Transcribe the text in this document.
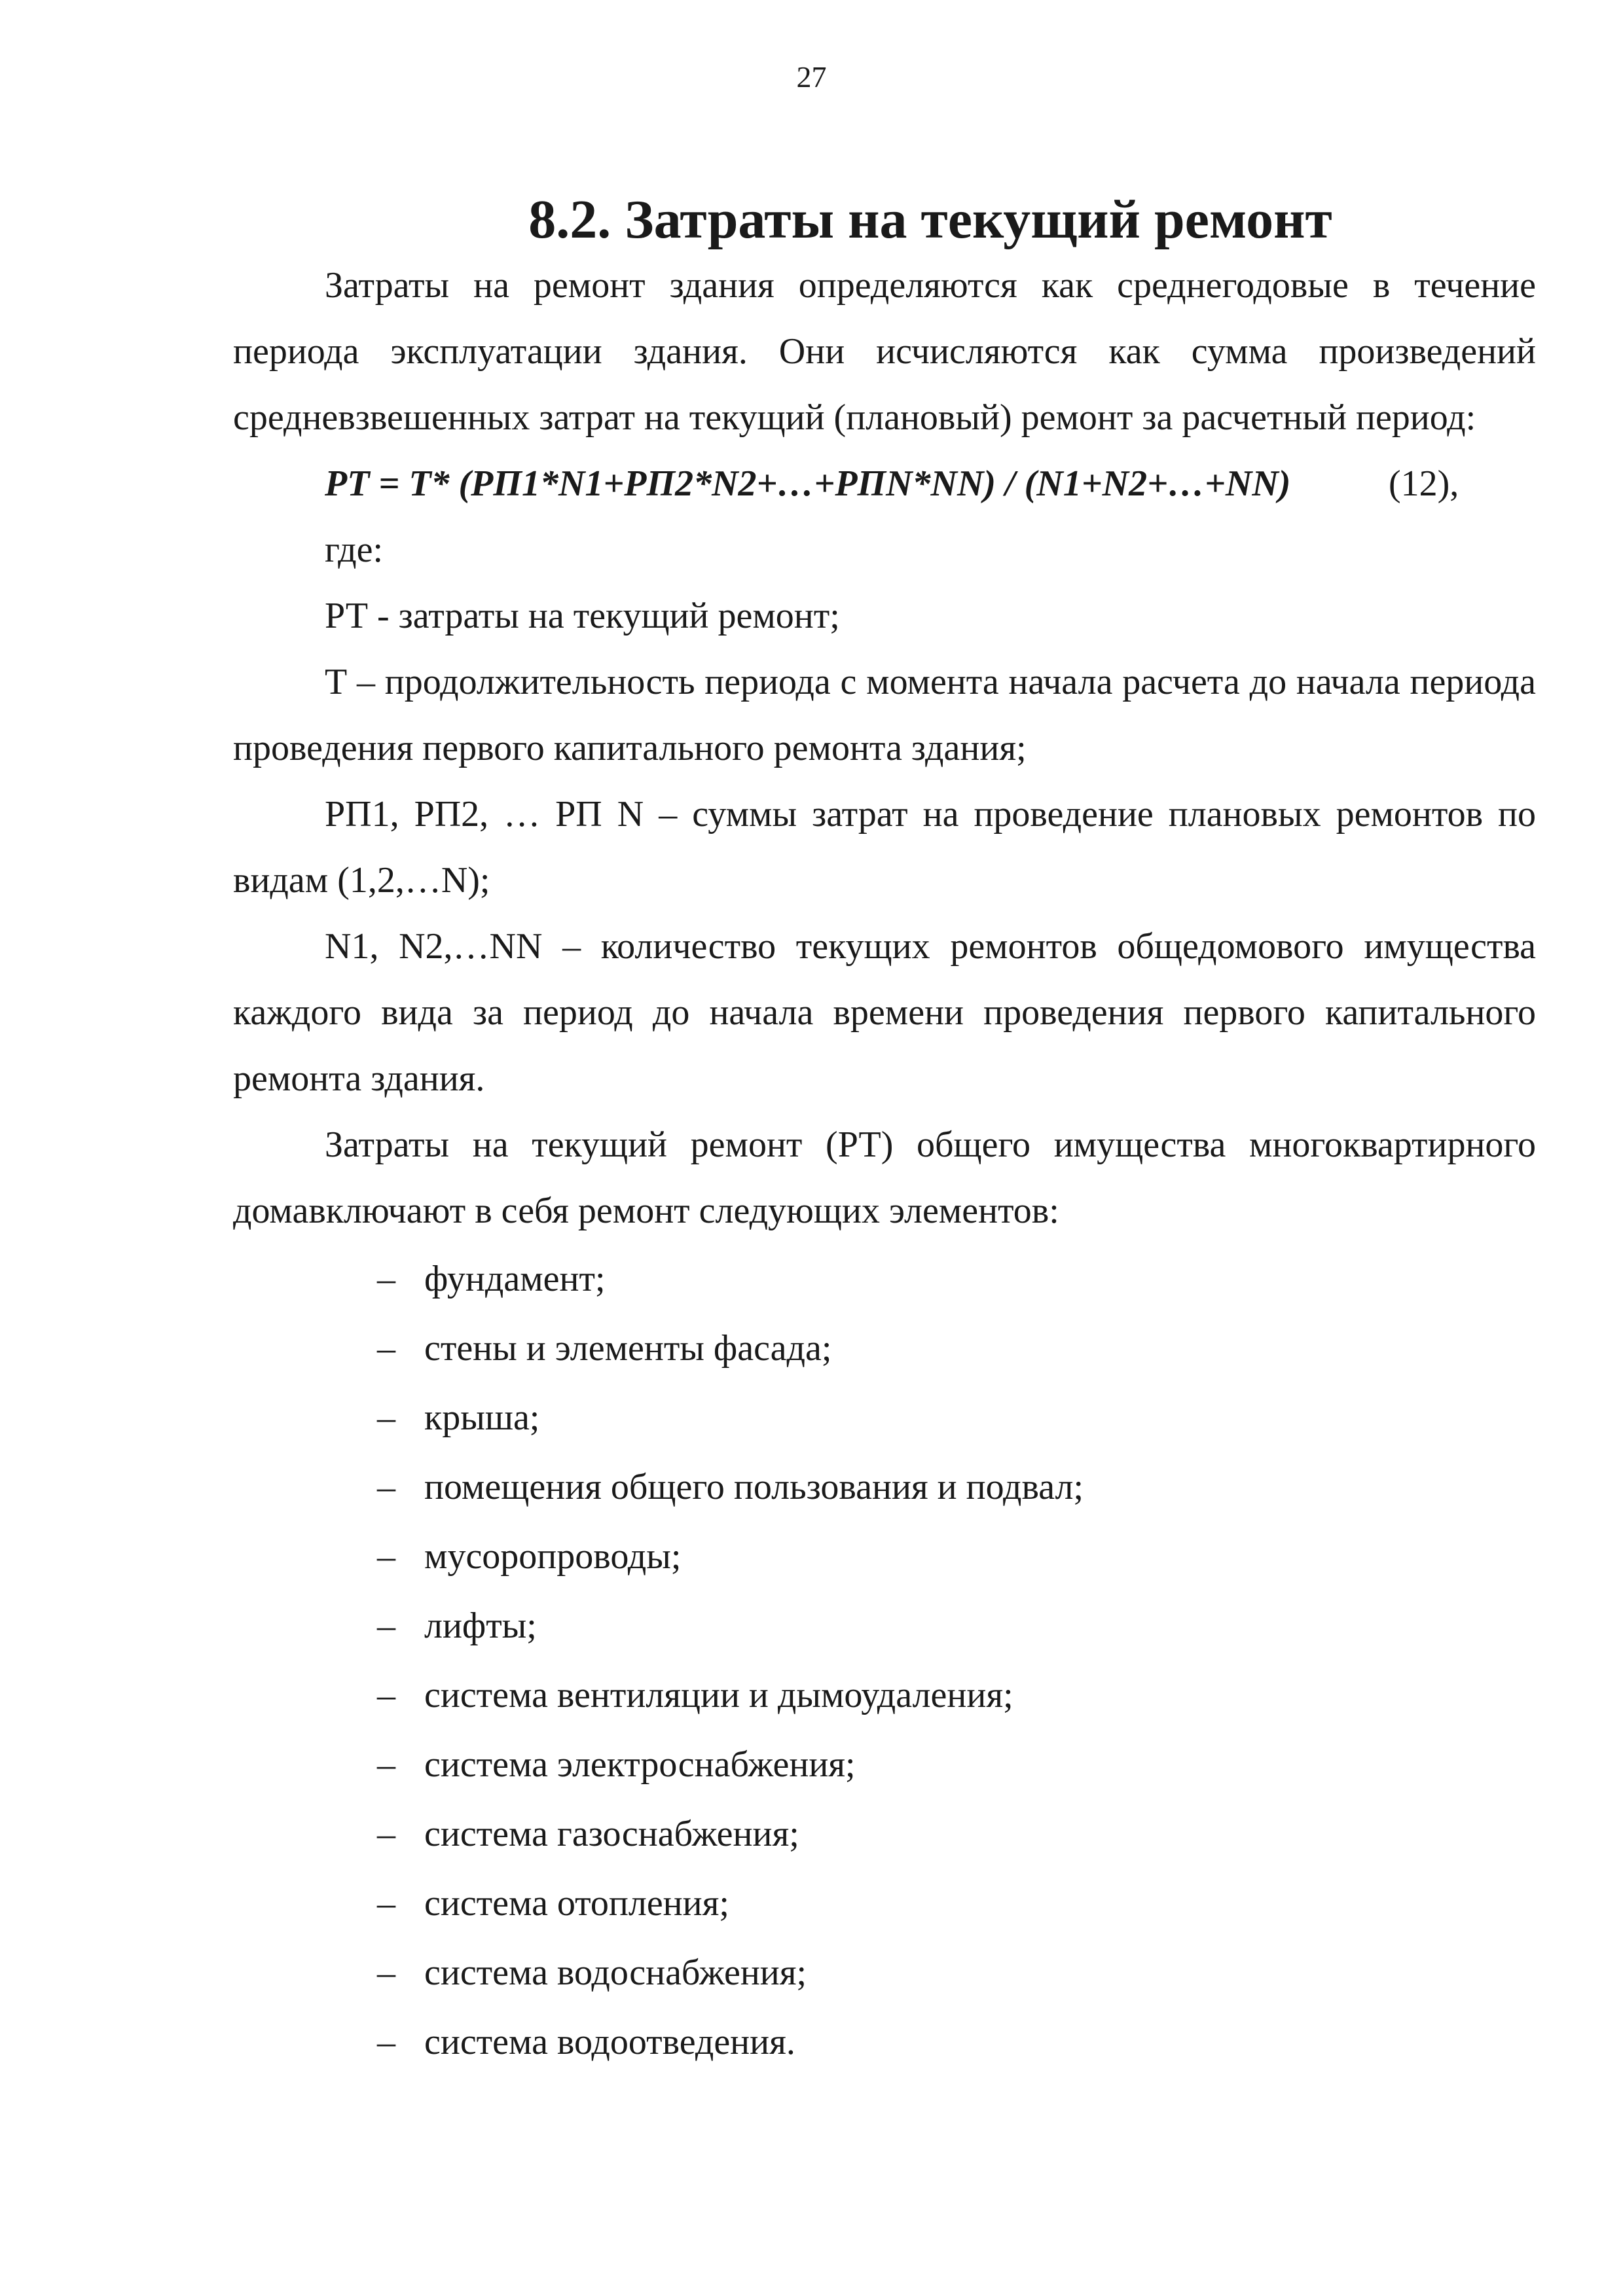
27
8.2. Затраты на текущий ремонт

Затраты на ремонт здания определяются как среднегодовые в течение периода эксплуатации здания. Они исчисляются как сумма произведений средневзвешенных затрат на текущий (плановый) ремонт за расчетный период:

РТ = Т* (РП1*N1+РП2*N2+…+РПN*NN) / (N1+N2+…+NN)	(12),

где:

РТ - затраты на текущий ремонт;

Т – продолжительность периода с момента начала расчета до начала периода проведения первого капитального ремонта здания;

РП1, РП2, … РП N – суммы затрат на проведение плановых ремонтов по видам (1,2,…N);

N1, N2,…NN – количество текущих ремонтов общедомового имущества каждого вида за период до начала времени проведения первого капитального ремонта здания.

Затраты на текущий ремонт (РТ) общего имущества многоквартирного домавключают в себя ремонт следующих элементов:

– фундамент;
– стены и элементы фасада;
– крыша;
– помещения общего пользования и подвал;
– мусоропроводы;
– лифты;
– система вентиляции и дымоудаления;
– система электроснабжения;
– система газоснабжения;
– система отопления;
– система водоснабжения;
– система водоотведения.
